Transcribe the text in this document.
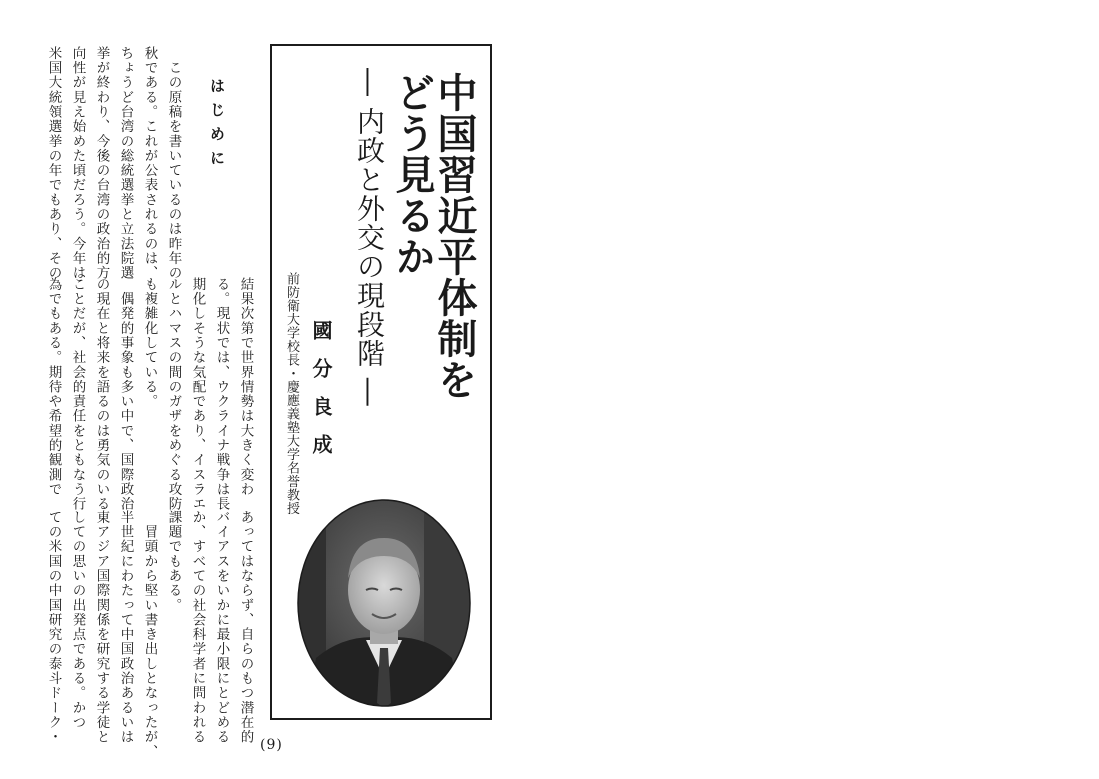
米国大統領選挙の年でもあり、その 向性が見え始めた頃だろう。今年は 挙が終わり、今後の台湾の政治的方 ちょうど台湾の総統選挙と立法院選 秋である。これが公表されるのは、 　この原稿を書いているのは昨年の はじめに
為でもある。期待や希望的観測で ことだが、社会的責任をともなう行 の現在と将来を語るのは勇気のいる 　偶発的事象も多い中で、国際政治 も複雑化している。 ルとハマスの間のガザをめぐる攻防 期化しそうな気配であり、イスラエ る。現状では、ウクライナ戦争は長 結果次第で世界情勢は大きく変わ
ての米国の中国研究の泰斗ドーク・ しての思いの出発点である。かつ 東アジア国際関係を研究する学徒と 半世紀にわたって中国政治あるいは 　冒頭から堅い書き出しとなったが、 課題でもある。 か、すべての社会科学者に問われる バイアスをいかに最小限にとどめる あってはならず、自らのもつ潜在的
中国習近平体制を
どう見るか
― 内政と外交の現段階 ―
前防衛大学校長・慶應義塾大学名誉教授 國分良成
(9)
